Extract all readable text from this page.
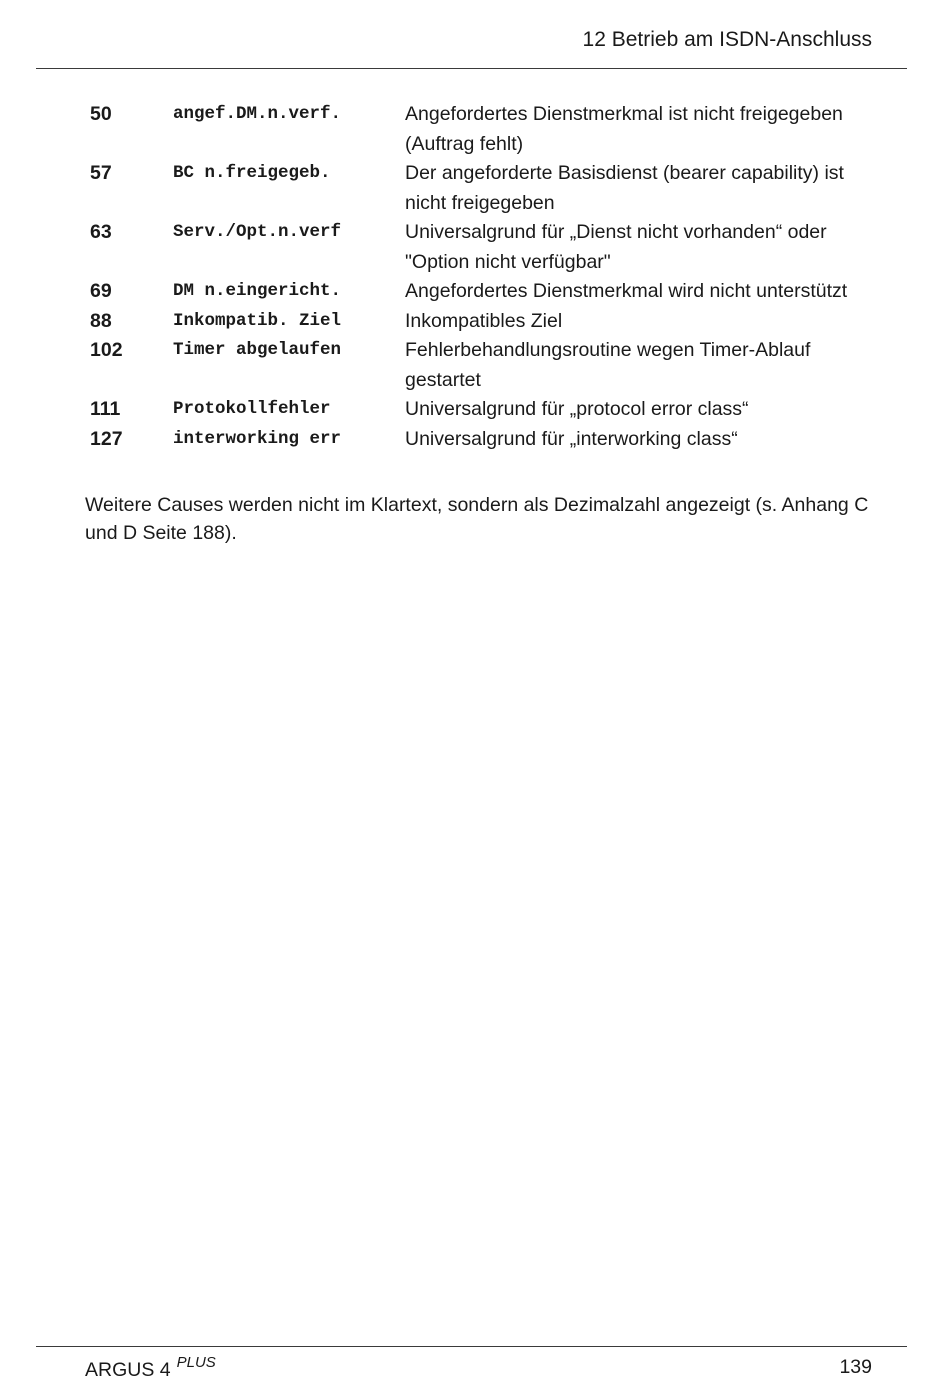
12 Betrieb am ISDN-Anschluss
50	angef.DM.n.verf.	Angefordertes Dienstmerkmal ist nicht freigegeben (Auftrag fehlt)
57	BC n.freigegeb.	Der angeforderte Basisdienst (bearer capability) ist nicht freigegeben
63	Serv./Opt.n.verf	Universalgrund für „Dienst nicht vorhanden“ oder "Option nicht verfügbar"
69	DM n.eingericht.	Angefordertes Dienstmerkmal wird nicht unterstützt
88	Inkompatib. Ziel	Inkompatibles Ziel
102	Timer abgelaufen	Fehlerbehandlungsroutine wegen Timer-Ablauf gestartet
111	Protokollfehler	Universalgrund für „protocol error class“
127	interworking err	Universalgrund für „interworking class“
Weitere Causes werden nicht im Klartext, sondern als Dezimalzahl angezeigt (s. Anhang C und D Seite 188).
ARGUS 4 $^{PLUS}$	139
